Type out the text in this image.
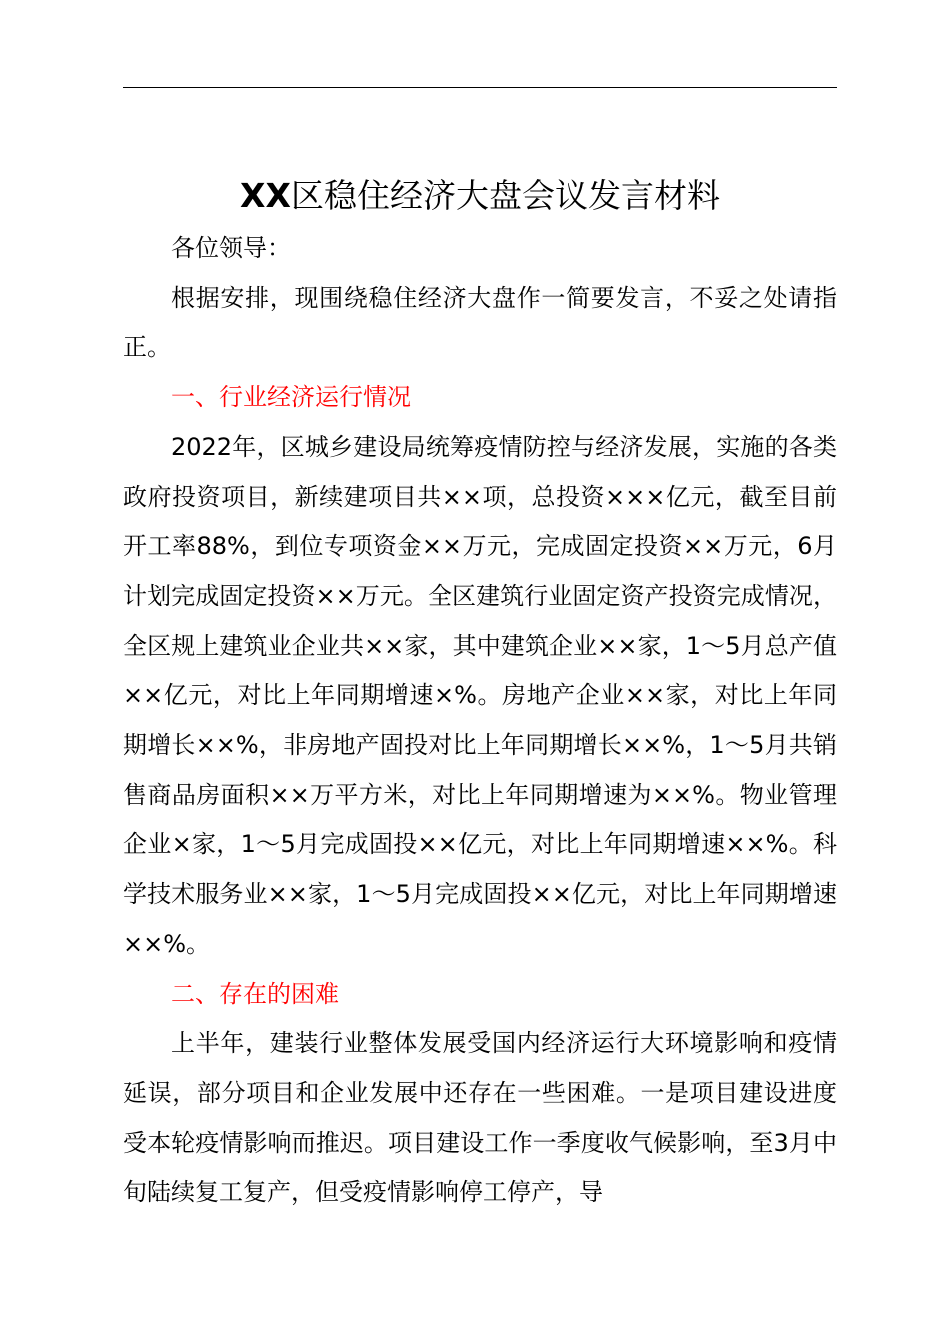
XX区稳住经济大盘会议发言材料

各位领导：

根据安排，现围绕稳住经济大盘作一简要发言，不妥之处请指正。

一、行业经济运行情况

2022年，区城乡建设局统筹疫情防控与经济发展，实施的各类政府投资项目，新续建项目共××项，总投资×××亿元，截至目前开工率88%，到位专项资金××万元，完成固定投资××万元，6月计划完成固定投资××万元。全区建筑行业固定资产投资完成情况，全区规上建筑业企业共××家，其中建筑企业××家，1～5月总产值××亿元，对比上年同期增速×%。房地产企业××家，对比上年同期增长××%，非房地产固投对比上年同期增长××%，1～5月共销售商品房面积××万平方米，对比上年同期增速为××%。物业管理企业×家，1～5月完成固投××亿元，对比上年同期增速××%。科学技术服务业××家，1～5月完成固投××亿元，对比上年同期增速××%。

二、存在的困难

上半年，建装行业整体发展受国内经济运行大环境影响和疫情延误，部分项目和企业发展中还存在一些困难。一是项目建设进度受本轮疫情影响而推迟。项目建设工作一季度收气候影响，至3月中旬陆续复工复产，但受疫情影响停工停产，导
